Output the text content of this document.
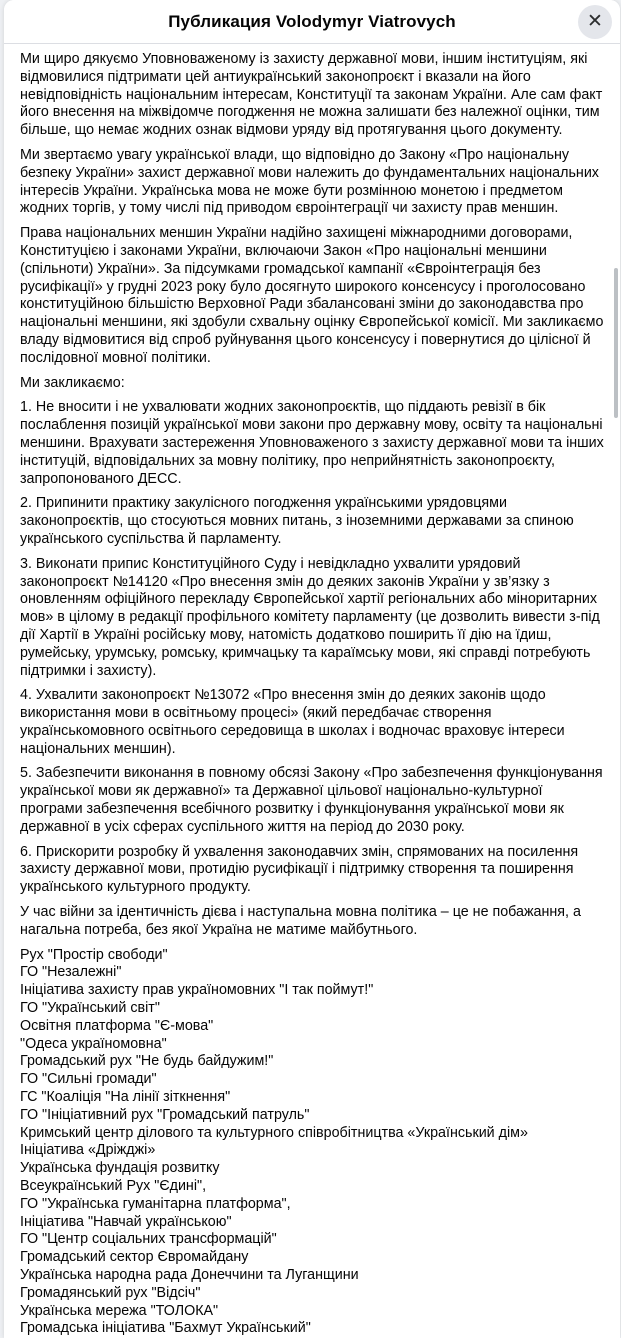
Публикация Volodymyr Viatrovych	✕
Ми щиро дякуємо Уповноваженому із захисту державної мови, іншим інституціям, які відмовилися підтримати цей антиукраїнський законопроєкт і вказали на його невідповідність національним інтересам, Конституції та законам України. Але сам факт його внесення на міжвідомче погодження не можна залишати без належної оцінки, тим більше, що немає жодних ознак відмови уряду від протягування цього документу.
Ми звертаємо увагу української влади, що відповідно до Закону «Про національну безпеку України» захист державної мови належить до фундаментальних національних інтересів України. Українська мова не може бути розмінною монетою і предметом жодних торгів, у тому числі під приводом євроінтеграції чи захисту прав меншин.
Права національних меншин України надійно захищені міжнародними договорами, Конституцією і законами України, включаючи Закон «Про національні меншини (спільноти) України». За підсумками громадської кампанії «Євроінтеграція без русифікації» у грудні 2023 року було досягнуто широкого консенсусу і проголосовано конституційною більшістю Верховної Ради збалансовані зміни до законодавства про національні меншини, які здобули схвальну оцінку Європейської комісії. Ми закликаємо владу відмовитися від спроб руйнування цього консенсусу і повернутися до цілісної й послідовної мовної політики.
Ми закликаємо:
1. Не вносити і не ухвалювати жодних законопроєктів, що піддають ревізії в бік послаблення позицій української мови закони про державну мову, освіту та національні меншини. Врахувати застереження Уповноваженого з захисту державної мови та інших інституцій, відповідальних за мовну політику, про неприйнятність законопроєкту, запропонованого ДЕСС.
2. Припинити практику закулісного погодження українськими урядовцями законопроєктів, що стосуються мовних питань, з іноземними державами за спиною українського суспільства й парламенту.
3. Виконати припис Конституційного Суду і невідкладно ухвалити урядовий законопроєкт №14120 «Про внесення змін до деяких законів України у зв’язку з оновленням офіційного перекладу Європейської хартії регіональних або міноритарних мов» в цілому в редакції профільного комітету парламенту (це дозволить вивести з-під дії Хартії в Україні російську мову, натомість додатково поширить її дію на їдиш, румейську, урумську, ромську, кримчацьку та караїмську мови, які справді потребують підтримки і захисту).
4. Ухвалити законопроєкт №13072 «Про внесення змін до деяких законів щодо використання мови в освітньому процесі» (який передбачає створення українськомовного освітнього середовища в школах і водночас враховує інтереси національних меншин).
5. Забезпечити виконання в повному обсязі Закону «Про забезпечення функціонування української мови як державної» та Державної цільової національно-культурної програми забезпечення всебічного розвитку і функціонування української мови як державної в усіх сферах суспільного життя на період до 2030 року.
6. Прискорити розробку й ухвалення законодавчих змін, спрямованих на посилення захисту державної мови, протидію русифікації і підтримку створення та поширення українського культурного продукту.
У час війни за ідентичність дієва і наступальна мовна політика – це не побажання, а нагальна потреба, без якої Україна не матиме майбутнього.
Рух "Простір свободи"
ГО "Незалежні"
Ініціатива захисту прав україномовних "І так поймут!"
ГО "Український світ"
Освітня платформа "Є-мова"
"Одеса україномовна"
Громадський рух "Не будь байдужим!"
ГО "Сильні громади"
ГС "Коаліція "На лінії зіткнення"
ГО "Ініціативний рух "Громадський патруль"
Кримський центр ділового та культурного співробітництва «Український дім»
Ініціатива «Дріжджі»
Українська фундація розвитку
Всеукраїнський Рух "Єдині",
ГО "Українська гуманітарна платформа",
Ініціатива "Навчай українською"
ГО "Центр соціальних трансформацій"
Громадський сектор Євромайдану
Українська народна рада Донеччини та Луганщини
Громадянський рух "Відсіч"
Українська мережа "ТОЛОКА"
Громадська ініціатива "Бахмут Український"
